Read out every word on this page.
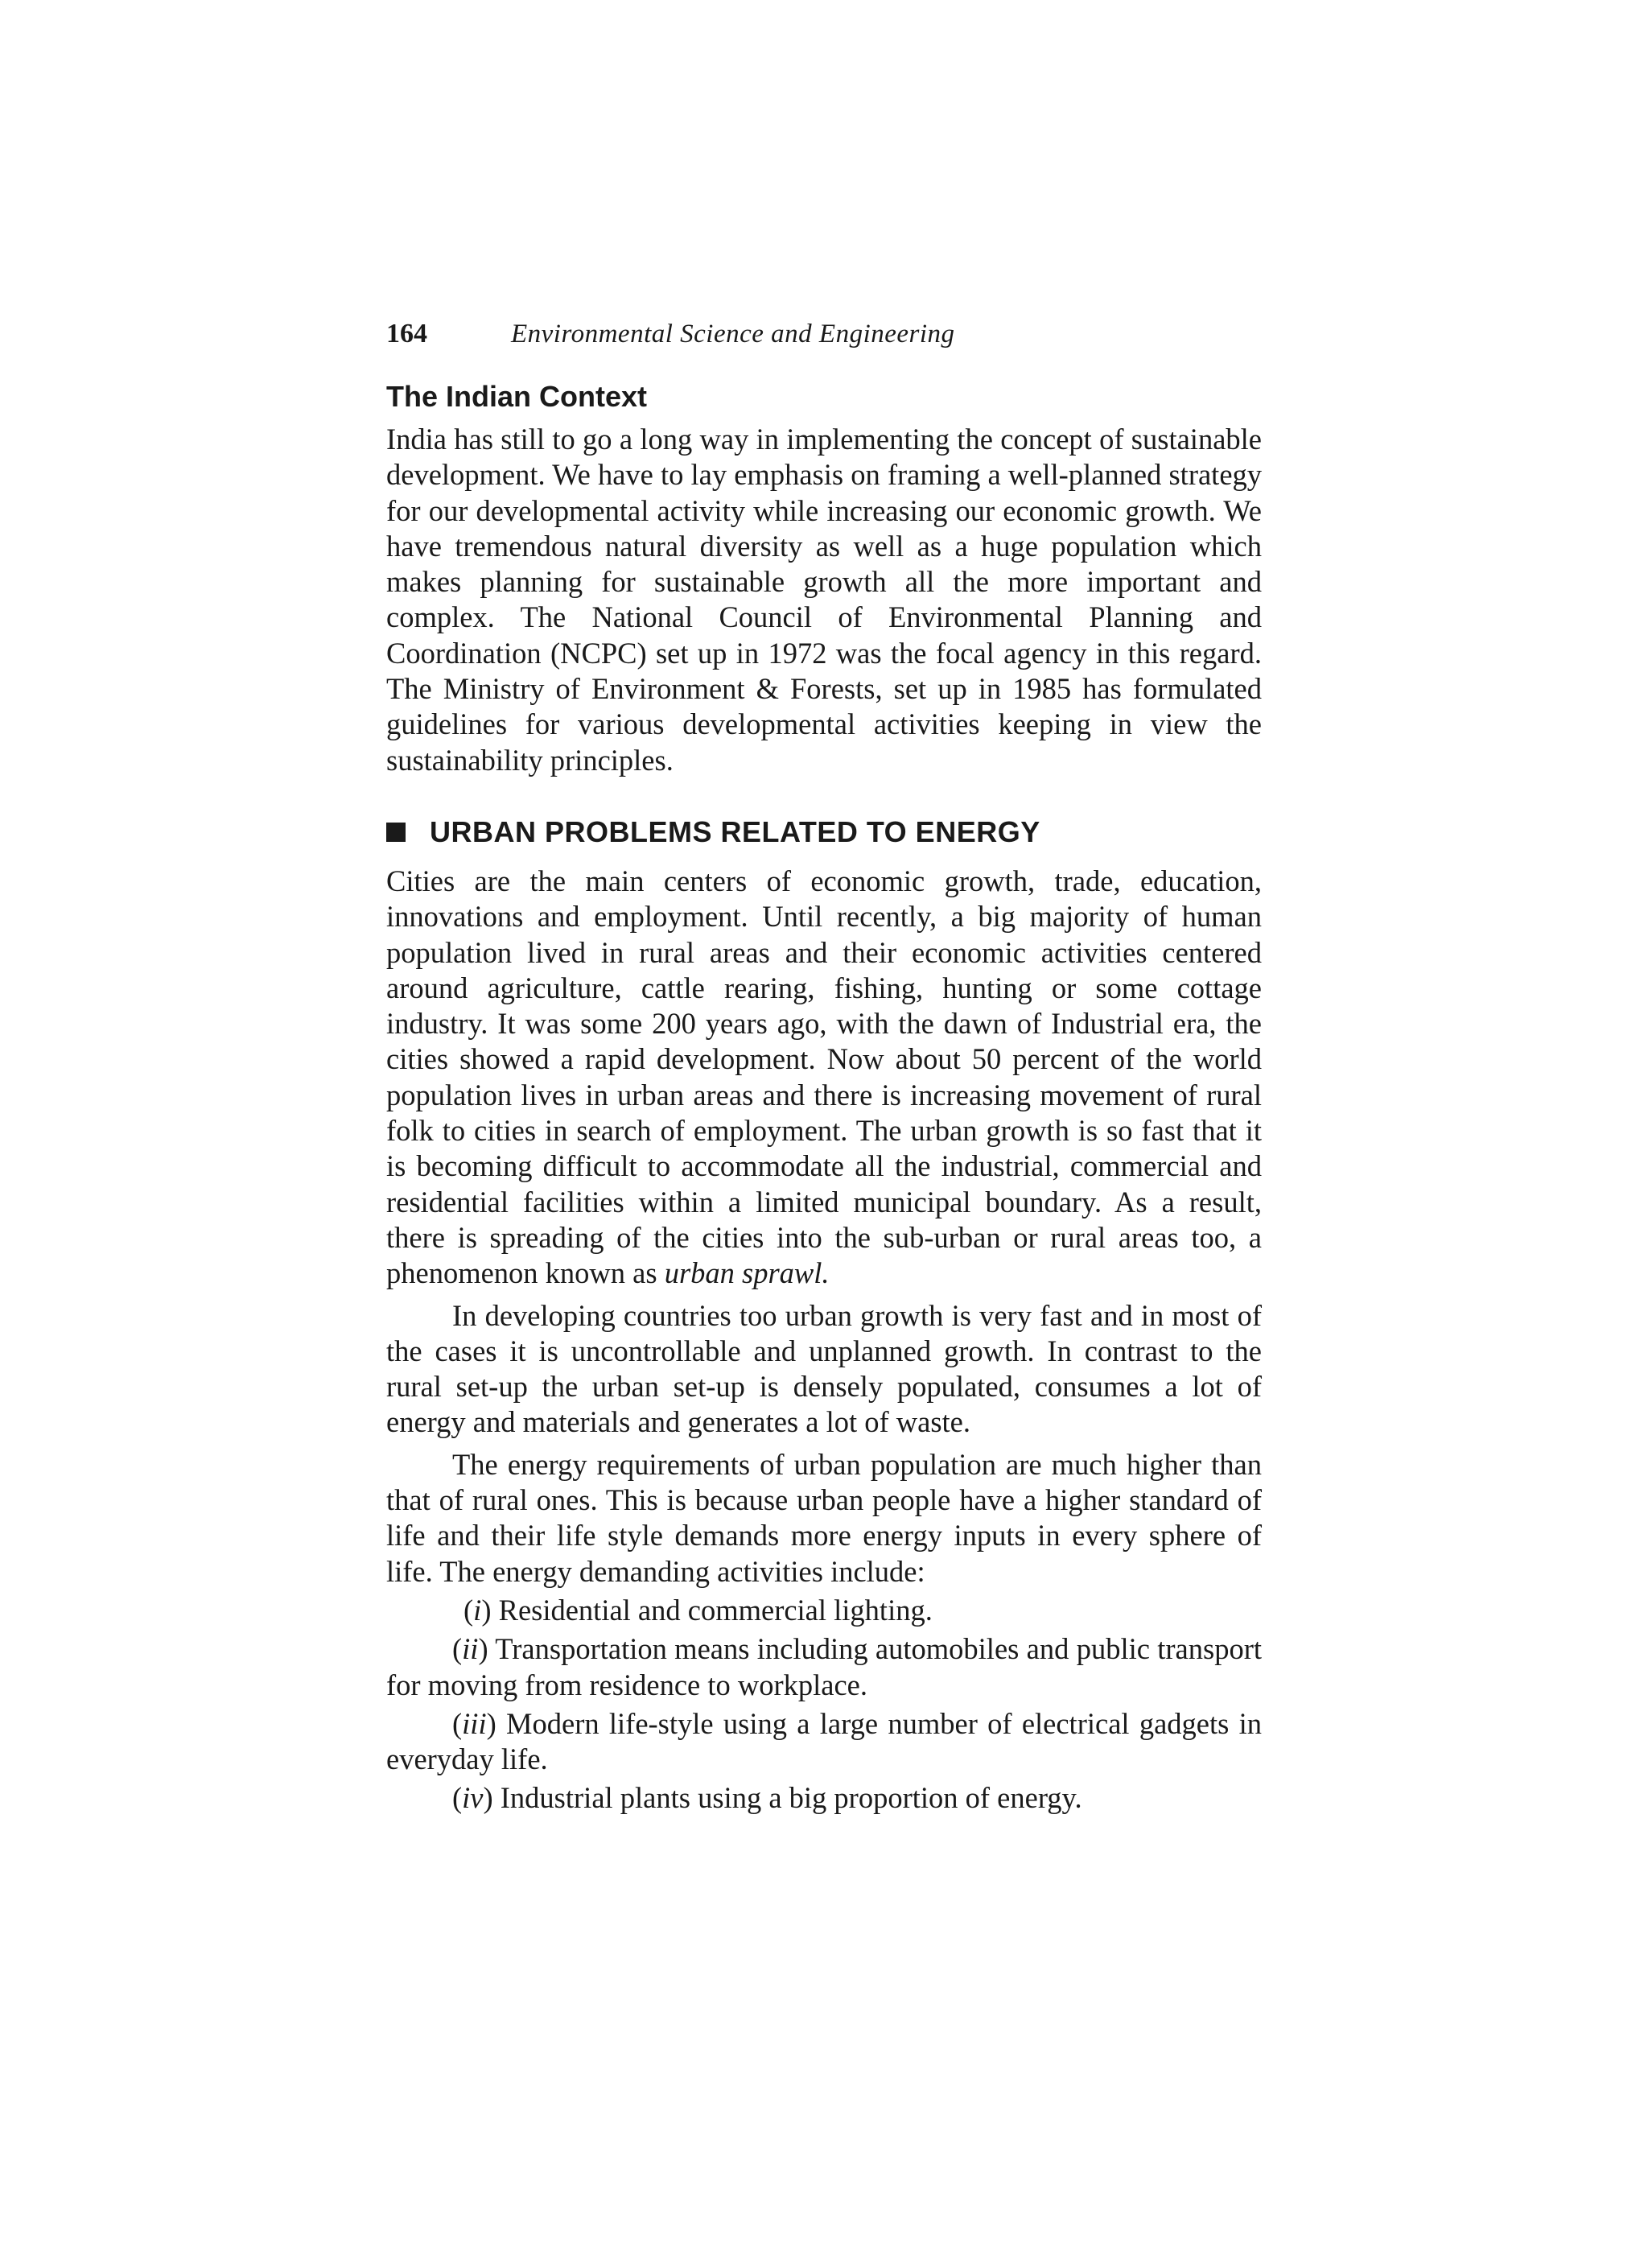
164	Environmental Science and Engineering
The Indian Context

India has still to go a long way in implementing the concept of sustainable development. We have to lay emphasis on framing a well-planned strategy for our developmental activity while increasing our economic growth. We have tremendous natural diversity as well as a huge population which makes planning for sustainable growth all the more important and complex. The National Council of Environmental Planning and Coordination (NCPC) set up in 1972 was the focal agency in this regard. The Ministry of Environment & Forests, set up in 1985 has formulated guidelines for various developmental activities keeping in view the sustainability principles.

URBAN PROBLEMS RELATED TO ENERGY

Cities are the main centers of economic growth, trade, education, innovations and employment. Until recently, a big majority of human population lived in rural areas and their economic activities centered around agriculture, cattle rearing, fishing, hunting or some cottage industry. It was some 200 years ago, with the dawn of Industrial era, the cities showed a rapid development. Now about 50 percent of the world population lives in urban areas and there is increasing movement of rural folk to cities in search of employment. The urban growth is so fast that it is becoming difficult to accommodate all the industrial, commercial and residential facilities within a limited municipal boundary. As a result, there is spreading of the cities into the sub-urban or rural areas too, a phenomenon known as urban sprawl.

In developing countries too urban growth is very fast and in most of the cases it is uncontrollable and unplanned growth. In contrast to the rural set-up the urban set-up is densely populated, consumes a lot of energy and materials and generates a lot of waste.

The energy requirements of urban population are much higher than that of rural ones. This is because urban people have a higher standard of life and their life style demands more energy inputs in every sphere of life. The energy demanding activities include:

(i) Residential and commercial lighting.

(ii) Transportation means including automobiles and public transport for moving from residence to workplace.

(iii) Modern life-style using a large number of electrical gadgets in everyday life.

(iv) Industrial plants using a big proportion of energy.
